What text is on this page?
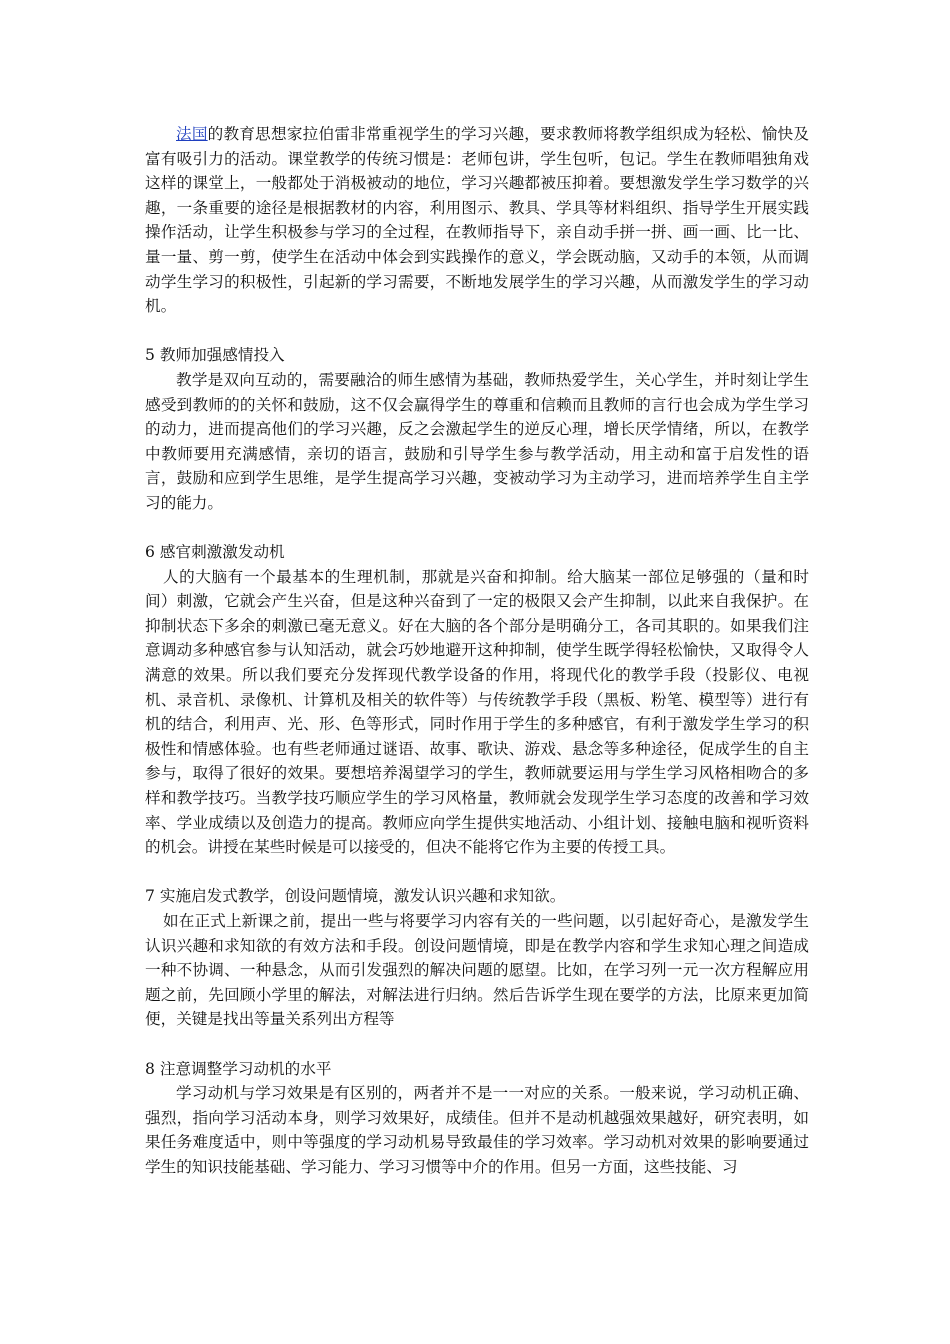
法国的教育思想家拉伯雷非常重视学生的学习兴趣，要求教师将教学组织成为轻松、愉快及富有吸引力的活动。课堂教学的传统习惯是：老师包讲，学生包听，包记。学生在教师唱独角戏这样的课堂上，一般都处于消极被动的地位，学习兴趣都被压抑着。要想激发学生学习数学的兴趣，一条重要的途径是根据教材的内容，利用图示、教具、学具等材料组织、指导学生开展实践操作活动，让学生积极参与学习的全过程，在教师指导下，亲自动手拼一拼、画一画、比一比、量一量、剪一剪，使学生在活动中体会到实践操作的意义，学会既动脑，又动手的本领，从而调动学生学习的积极性，引起新的学习需要，不断地发展学生的学习兴趣，从而激发学生的学习动机。

5 教师加强感情投入

教学是双向互动的，需要融洽的师生感情为基础，教师热爱学生，关心学生，并时刻让学生感受到教师的的关怀和鼓励，这不仅会赢得学生的尊重和信赖而且教师的言行也会成为学生学习的动力，进而提高他们的学习兴趣，反之会激起学生的逆反心理，增长厌学情绪，所以，在教学中教师要用充满感情，亲切的语言，鼓励和引导学生参与教学活动，用主动和富于启发性的语言，鼓励和应到学生思维，是学生提高学习兴趣，变被动学习为主动学习，进而培养学生自主学习的能力。

6 感官刺激激发动机

人的大脑有一个最基本的生理机制，那就是兴奋和抑制。给大脑某一部位足够强的（量和时间）刺激，它就会产生兴奋，但是这种兴奋到了一定的极限又会产生抑制，以此来自我保护。在抑制状态下多余的刺激已毫无意义。好在大脑的各个部分是明确分工，各司其职的。如果我们注意调动多种感官参与认知活动，就会巧妙地避开这种抑制，使学生既学得轻松愉快，又取得令人满意的效果。所以我们要充分发挥现代教学设备的作用，将现代化的教学手段（投影仪、电视机、录音机、录像机、计算机及相关的软件等）与传统教学手段（黑板、粉笔、模型等）进行有机的结合，利用声、光、形、色等形式，同时作用于学生的多种感官，有利于激发学生学习的积极性和情感体验。也有些老师通过谜语、故事、歌诀、游戏、悬念等多种途径，促成学生的自主参与，取得了很好的效果。要想培养渴望学习的学生，教师就要运用与学生学习风格相吻合的多样和教学技巧。当教学技巧顺应学生的学习风格量，教师就会发现学生学习态度的改善和学习效率、学业成绩以及创造力的提高。教师应向学生提供实地活动、小组计划、接触电脑和视听资料的机会。讲授在某些时候是可以接受的，但决不能将它作为主要的传授工具。

7 实施启发式教学，创设问题情境，激发认识兴趣和求知欲。

如在正式上新课之前，提出一些与将要学习内容有关的一些问题，以引起好奇心，是激发学生认识兴趣和求知欲的有效方法和手段。创设问题情境，即是在教学内容和学生求知心理之间造成一种不协调、一种悬念，从而引发强烈的解决问题的愿望。比如，在学习列一元一次方程解应用题之前，先回顾小学里的解法，对解法进行归纳。然后告诉学生现在要学的方法，比原来更加简便，关键是找出等量关系列出方程等

8 注意调整学习动机的水平

学习动机与学习效果是有区别的，两者并不是一一对应的关系。一般来说，学习动机正确、强烈，指向学习活动本身，则学习效果好，成绩佳。但并不是动机越强效果越好，研究表明，如果任务难度适中，则中等强度的学习动机易导致最佳的学习效率。学习动机对效果的影响要通过学生的知识技能基础、学习能力、学习习惯等中介的作用。但另一方面，这些技能、习
